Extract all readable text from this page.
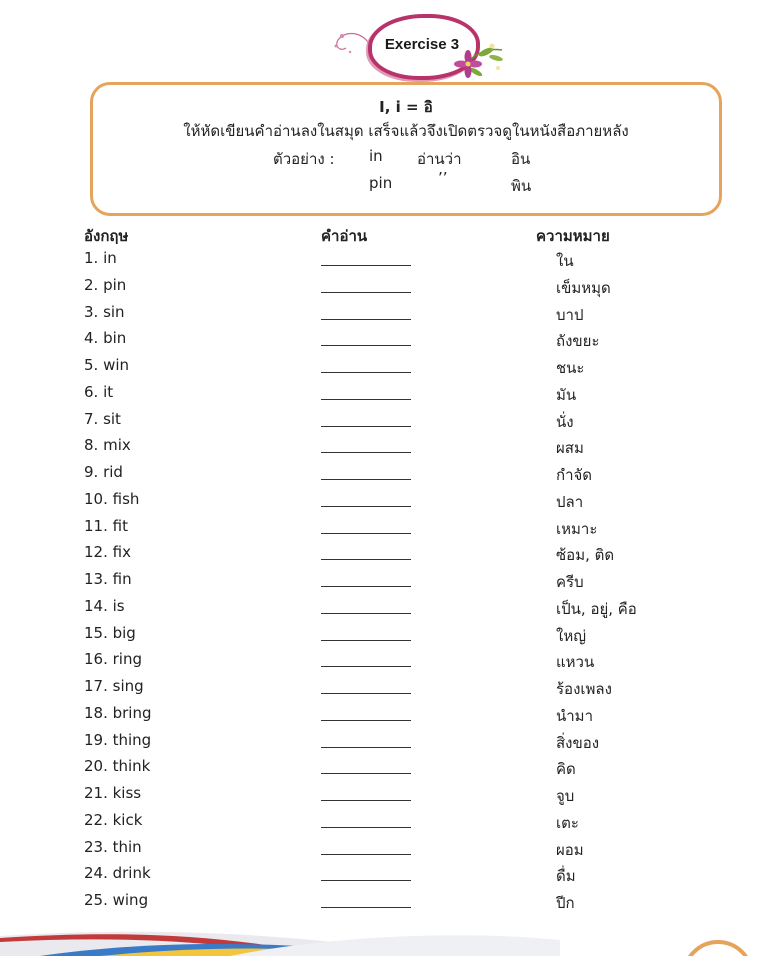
Exercise 3
I, i = อิ
ให้หัดเขียนคำอ่านลงในสมุด เสร็จแล้วจึงเปิดตรวจดูในหนังสือภายหลัง
ตัวอย่าง : in อ่านว่า	อิน
pin	’’	พิน
อังกฤษ	คำอ่าน	ความหมาย
1. in	ใน
2. pin	เข็มหมุด
3. sin	บาป
4. bin	ถังขยะ
5. win	ชนะ
6. it	มัน
7. sit	นั่ง
8. mix	ผสม
9. rid	กำจัด
10. fish	ปลา
11. fit	เหมาะ
12. fix	ซ้อม, ติด
13. fin	ครีบ
14. is	เป็น, อยู่, คือ
15. big	ใหญ่
16. ring	แหวน
17. sing	ร้องเพลง
18. bring	นำมา
19. thing	สิ่งของ
20. think	คิด
21. kiss	จูบ
22. kick	เตะ
23. thin	ผอม
24. drink	ดื่ม
25. wing	ปีก
